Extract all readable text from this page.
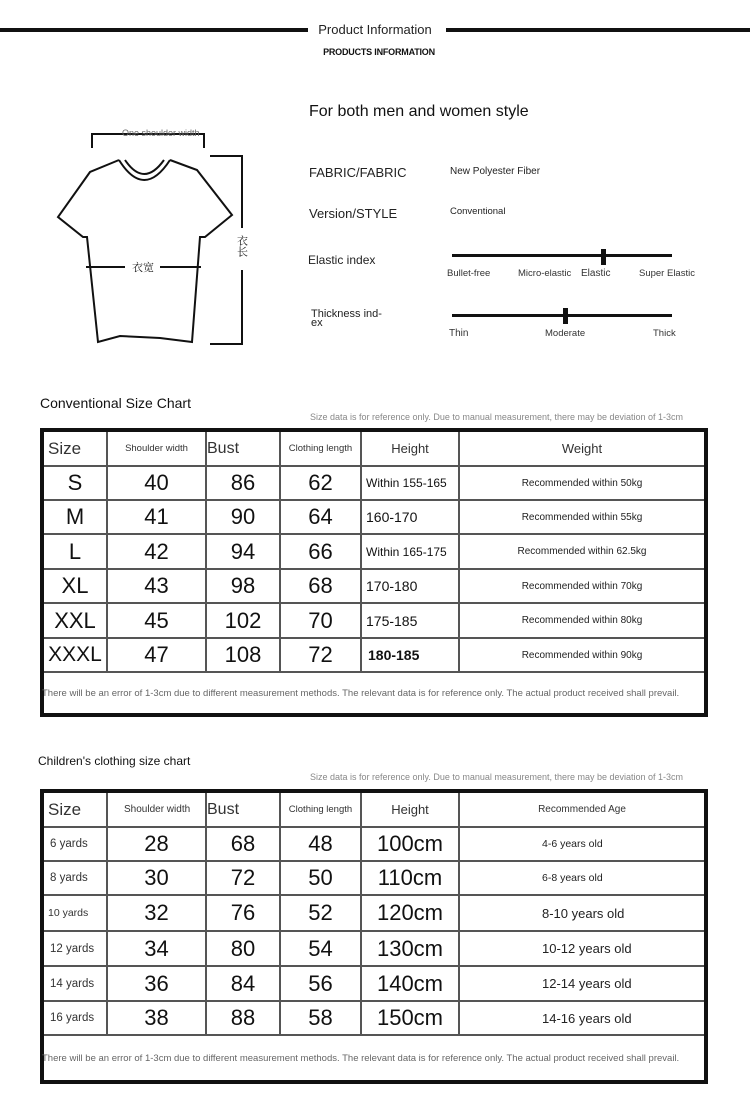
Product Information
PRODUCTS INFORMATION
衣宽
衣长
One shoulder width
For both men and women style
FABRIC/FABRIC	New Polyester Fiber
Version/STYLE	Conventional
Elastic index
Bullet-free	Micro-elastic Elastic	Super Elastic
Thickness ind-
ex
Thin	Moderate	Thick
Conventional Size Chart
Size data is for reference only. Due to manual measurement, there may be deviation of 1-3cm
Size	Shoulder width	Bust	Clothing length	Height	Weight
S	40	86	62	Within 155-165	Recommended within 50kg
M	41	90	64	160-170	Recommended within 55kg
L	42	94	66	Within 165-175	Recommended within 62.5kg
XL	43	98	68	170-180	Recommended within 70kg
XXL	45	102	70	175-185	Recommended within 80kg
XXXL	47	108	72	180-185	Recommended within 90kg
There will be an error of 1-3cm due to different measurement methods. The relevant data is for reference only. The actual product received shall prevail.
Children's clothing size chart
Size data is for reference only. Due to manual measurement, there may be deviation of 1-3cm
Size	Shoulder width	Bust	Clothing length	Height	Recommended Age
6 yards	28	68	48	100cm	4-6 years old
8 yards	30	72	50	110cm	6-8 years old
10 yards	32	76	52	120cm	8-10 years old
12 yards	34	80	54	130cm	10-12 years old
14 yards	36	84	56	140cm	12-14 years old
16 yards	38	88	58	150cm	14-16 years old
There will be an error of 1-3cm due to different measurement methods. The relevant data is for reference only. The actual product received shall prevail.
